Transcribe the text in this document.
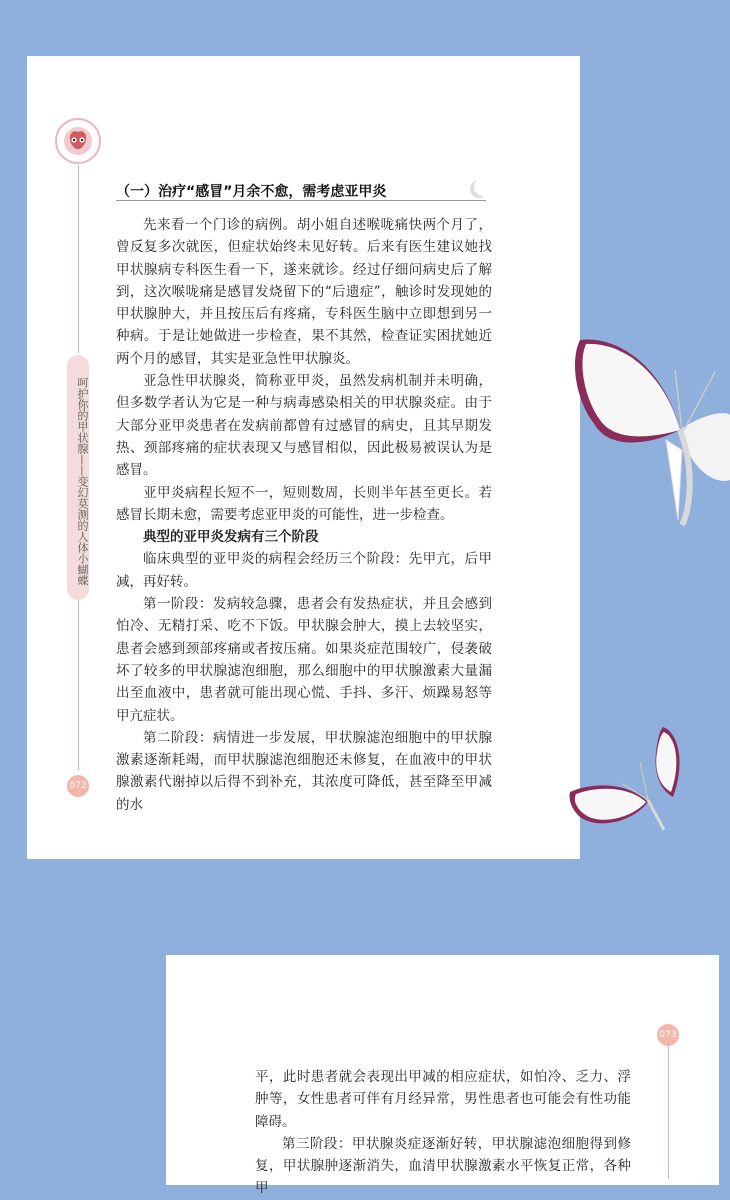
呵护你的甲状腺——变幻莫测的人体小蝴蝶
072
（一）治疗“感冒”月余不愈，需考虑亚甲炎

先来看一个门诊的病例。胡小姐自述喉咙痛快两个月了，曾反复多次就医，但症状始终未见好转。后来有医生建议她找甲状腺病专科医生看一下，遂来就诊。经过仔细问病史后了解到，这次喉咙痛是感冒发烧留下的“后遗症”，触诊时发现她的甲状腺肿大，并且按压后有疼痛，专科医生脑中立即想到另一种病。于是让她做进一步检查，果不其然，检查证实困扰她近两个月的感冒，其实是亚急性甲状腺炎。

亚急性甲状腺炎，简称亚甲炎，虽然发病机制并未明确，但多数学者认为它是一种与病毒感染相关的甲状腺炎症。由于大部分亚甲炎患者在发病前都曾有过感冒的病史，且其早期发热、颈部疼痛的症状表现又与感冒相似，因此极易被误认为是感冒。

亚甲炎病程长短不一，短则数周，长则半年甚至更长。若感冒长期未愈，需要考虑亚甲炎的可能性，进一步检查。

典型的亚甲炎发病有三个阶段

临床典型的亚甲炎的病程会经历三个阶段：先甲亢，后甲减，再好转。

第一阶段：发病较急骤，患者会有发热症状，并且会感到怕冷、无精打采、吃不下饭。甲状腺会肿大，摸上去较坚实，患者会感到颈部疼痛或者按压痛。如果炎症范围较广，侵袭破坏了较多的甲状腺滤泡细胞，那么细胞中的甲状腺激素大量漏出至血液中，患者就可能出现心慌、手抖、多汗、烦躁易怒等甲亢症状。

第二阶段：病情进一步发展，甲状腺滤泡细胞中的甲状腺激素逐渐耗竭，而甲状腺滤泡细胞还未修复，在血液中的甲状腺激素代谢掉以后得不到补充，其浓度可降低，甚至降至甲减的水

073

平，此时患者就会表现出甲减的相应症状，如怕冷、乏力、浮肿等，女性患者可伴有月经异常，男性患者也可能会有性功能障碍。

第三阶段：甲状腺炎症逐渐好转，甲状腺滤泡细胞得到修复，甲状腺肿逐渐消失，血清甲状腺激素水平恢复正常，各种甲
